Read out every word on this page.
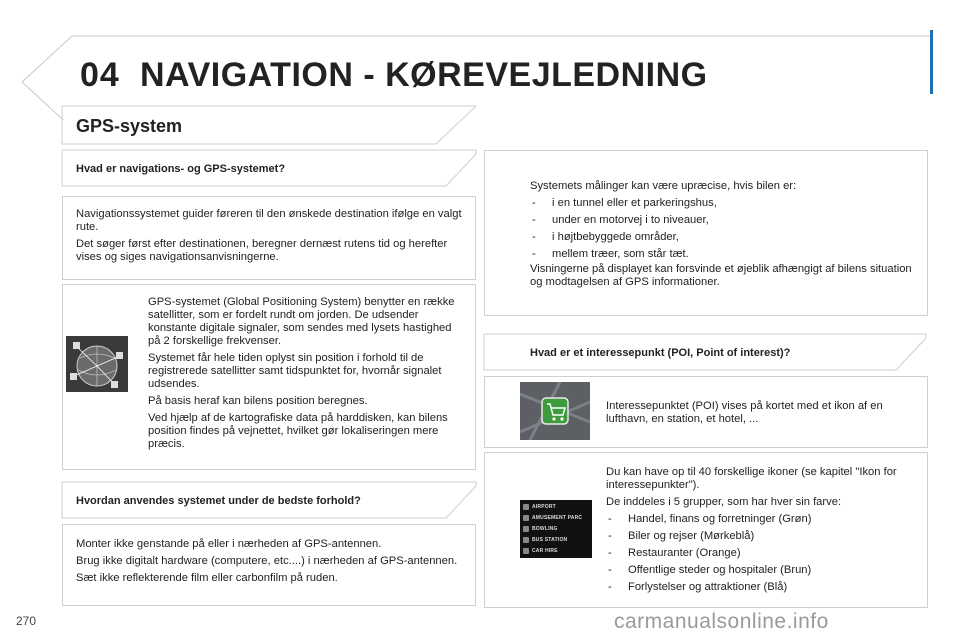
04 NAVIGATION - KØREVEJLEDNING
GPS-system
Hvad er navigations- og GPS-systemet?

Navigationssystemet guider føreren til den ønskede destination ifølge en valgt rute.

Det søger først efter destinationen, beregner dernæst rutens tid og herefter vises og siges navigationsanvisningerne.

GPS-systemet (Global Positioning System) benytter en række satellitter, som er fordelt rundt om jorden. De udsender konstante digitale signaler, som sendes med lysets hastighed på 2 forskellige frekvenser.

Systemet får hele tiden oplyst sin position i forhold til de registrerede satellitter samt tidspunktet for, hvornår signalet udsendes.

På basis heraf kan bilens position beregnes.

Ved hjælp af de kartografiske data på harddisken, kan bilens position findes på vejnettet, hvilket gør lokaliseringen mere præcis.

Hvordan anvendes systemet under de bedste forhold?

Monter ikke genstande på eller i nærheden af GPS-antennen.

Brug ikke digitalt hardware (computere, etc....) i nærheden af GPS-antennen.

Sæt ikke reflekterende film eller carbonfilm på ruden.

Systemets målinger kan være upræcise, hvis bilen er:

- i en tunnel eller et parkeringshus,
- under en motorvej i to niveauer,
- i højtbebyggede områder,
- mellem træer, som står tæt.

Visningerne på displayet kan forsvinde et øjeblik afhængigt af bilens situation og modtagelsen af GPS informationer.

Hvad er et interessepunkt (POI, Point of interest)?
Interessepunktet (POI) vises på kortet med et ikon af en lufthavn, en station, et hotel, ...
AIRPORT
AMUSEMENT PARC
BOWLING
BUS STATION
CAR HIRE

Du kan have op til 40 forskellige ikoner (se kapitel "Ikon for interessepunkter").

De inddeles i 5 grupper, som har hver sin farve:

- Handel, finans og forretninger (Grøn)
- Biler og rejser (Mørkeblå)
- Restauranter (Orange)
- Offentlige steder og hospitaler (Brun)
- Forlystelser og attraktioner (Blå)
270	carmanualsonline.info
